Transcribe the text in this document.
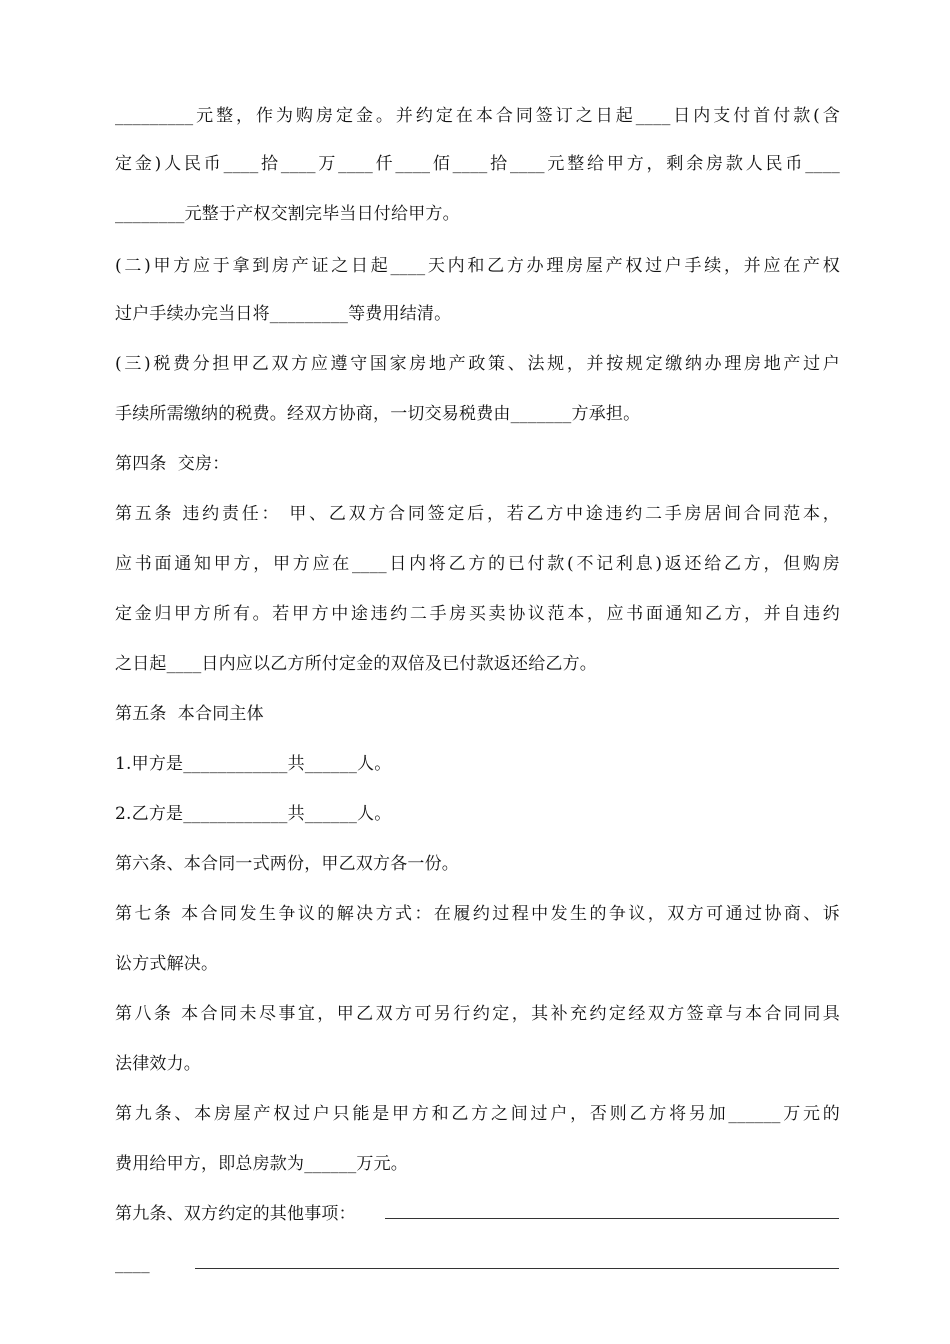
_________元整，作为购房定金。并约定在本合同签订之日起____日内支付首付款(含
定金)人民币____拾____万____仟____佰____拾____元整给甲方，剩余房款人民币____
________元整于产权交割完毕当日付给甲方。
(二)甲方应于拿到房产证之日起____天内和乙方办理房屋产权过户手续，并应在产权
过户手续办完当日将_________等费用结清。
(三)税费分担甲乙双方应遵守国家房地产政策、法规，并按规定缴纳办理房地产过户
手续所需缴纳的税费。经双方协商，一切交易税费由_______方承担。
第四条  交房：
第五条 违约责任： 甲、乙双方合同签定后，若乙方中途违约二手房居间合同范本，
应书面通知甲方，甲方应在____日内将乙方的已付款(不记利息)返还给乙方，但购房
定金归甲方所有。若甲方中途违约二手房买卖协议范本，应书面通知乙方，并自违约
之日起____日内应以乙方所付定金的双倍及已付款返还给乙方。
第五条  本合同主体
1.甲方是____________共______人。
2.乙方是____________共______人。
第六条、本合同一式两份，甲乙双方各一份。
第七条 本合同发生争议的解决方式：在履约过程中发生的争议，双方可通过协商、诉
讼方式解决。
第八条 本合同未尽事宜，甲乙双方可另行约定，其补充约定经双方签章与本合同同具
法律效力。
第九条、本房屋产权过户只能是甲方和乙方之间过户，否则乙方将另加______万元的
费用给甲方，即总房款为______万元。
第九条、双方约定的其他事项：
____
